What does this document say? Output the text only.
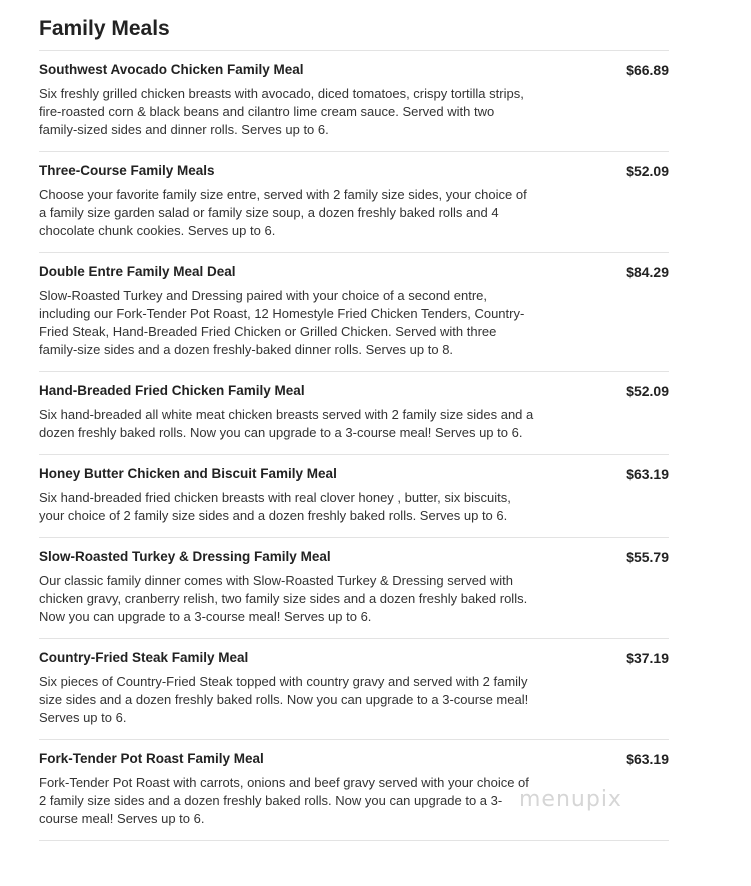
Family Meals
Southwest Avocado Chicken Family Meal	$66.89
Six freshly grilled chicken breasts with avocado, diced tomatoes, crispy tortilla strips, fire-roasted corn & black beans and cilantro lime cream sauce. Served with two family-sized sides and dinner rolls. Serves up to 6.
Three-Course Family Meals	$52.09
Choose your favorite family size entre, served with 2 family size sides, your choice of a family size garden salad or family size soup, a dozen freshly baked rolls and 4 chocolate chunk cookies. Serves up to 6.
Double Entre Family Meal Deal	$84.29
Slow-Roasted Turkey and Dressing paired with your choice of a second entre, including our Fork-Tender Pot Roast, 12 Homestyle Fried Chicken Tenders, Country-Fried Steak, Hand-Breaded Fried Chicken or Grilled Chicken. Served with three family-size sides and a dozen freshly-baked dinner rolls. Serves up to 8.
Hand-Breaded Fried Chicken Family Meal	$52.09
Six hand-breaded all white meat chicken breasts served with 2 family size sides and a dozen freshly baked rolls. Now you can upgrade to a 3-course meal! Serves up to 6.
Honey Butter Chicken and Biscuit Family Meal	$63.19
Six hand-breaded fried chicken breasts with real clover honey , butter, six biscuits, your choice of 2 family size sides and a dozen freshly baked rolls. Serves up to 6.
Slow-Roasted Turkey & Dressing Family Meal	$55.79
Our classic family dinner comes with Slow-Roasted Turkey & Dressing served with chicken gravy, cranberry relish, two family size sides and a dozen freshly baked rolls. Now you can upgrade to a 3-course meal! Serves up to 6.
Country-Fried Steak Family Meal	$37.19
Six pieces of Country-Fried Steak topped with country gravy and served with 2 family size sides and a dozen freshly baked rolls. Now you can upgrade to a 3-course meal! Serves up to 6.
Fork-Tender Pot Roast Family Meal	$63.19
Fork-Tender Pot Roast with carrots, onions and beef gravy served with your choice of 2 family size sides and a dozen freshly baked rolls. Now you can upgrade to a 3-course meal! Serves up to 6.
menupix
